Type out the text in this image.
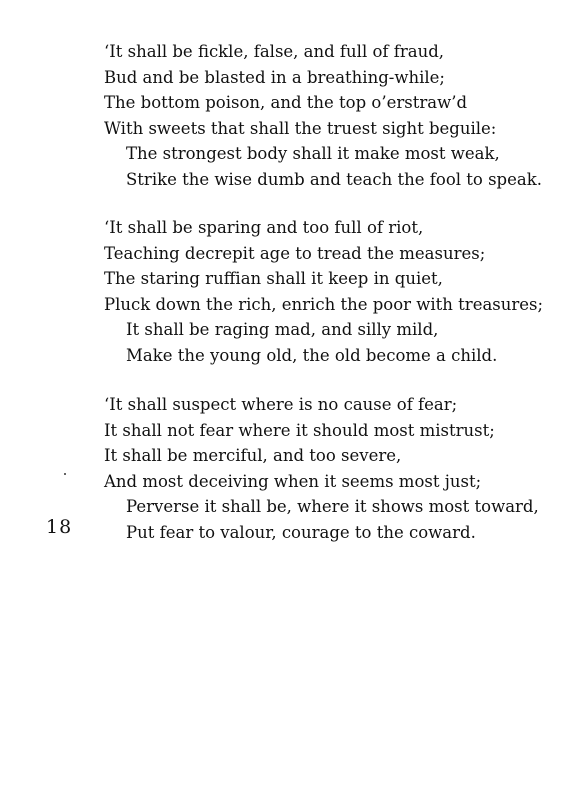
‘It shall be fickle, false, and full of fraud,
Bud and be blasted in a breathing-while;
The bottom poison, and the top o’erstraw’d
With sweets that shall the truest sight beguile:
The strongest body shall it make most weak,
Strike the wise dumb and teach the fool to speak.
‘It shall be sparing and too full of riot,
Teaching decrepit age to tread the measures;
The staring ruffian shall it keep in quiet,
Pluck down the rich, enrich the poor with treasures;
It shall be raging mad, and silly mild,
Make the young old, the old become a child.
‘It shall suspect where is no cause of fear;
It shall not fear where it should most mistrust;
It shall be merciful, and too severe,
And most deceiving when it seems most just;
Perverse it shall be, where it shows most toward,
Put fear to valour, courage to the coward.
18
